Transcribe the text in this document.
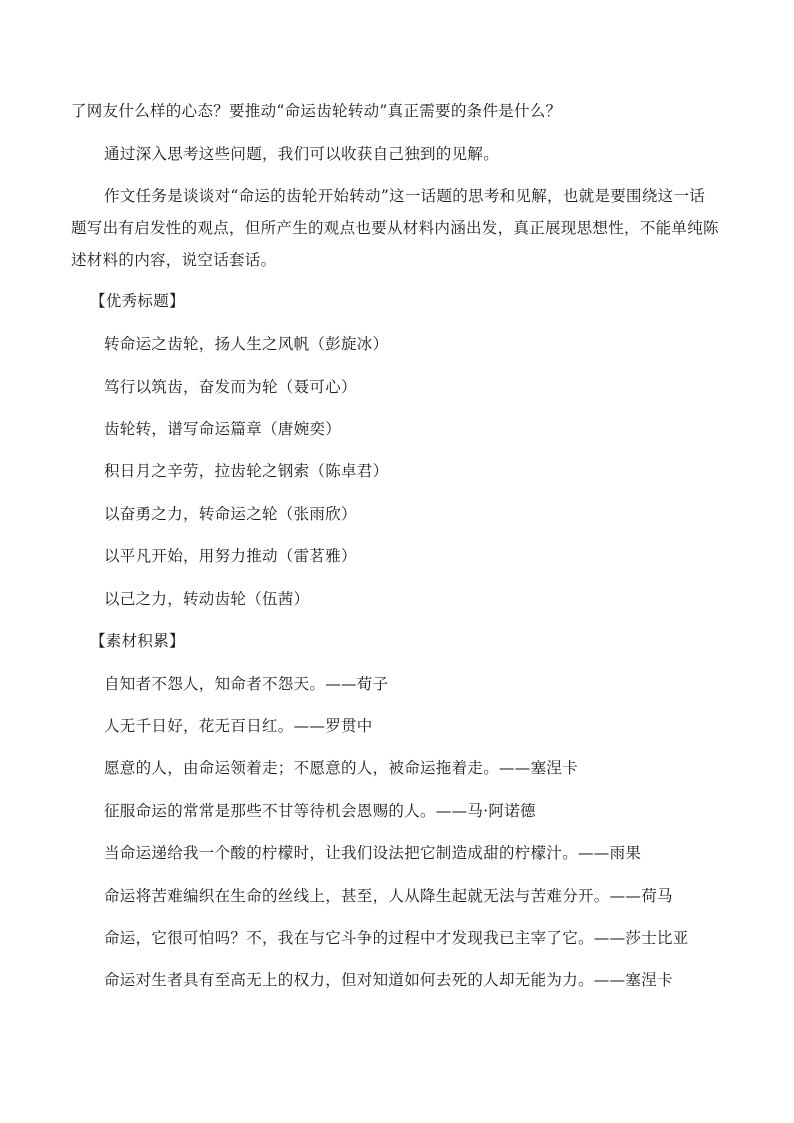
了网友什么样的心态？要推动“命运齿轮转动”真正需要的条件是什么？
通过深入思考这些问题，我们可以收获自己独到的见解。
作文任务是谈谈对“命运的齿轮开始转动”这一话题的思考和见解，也就是要围绕这一话
题写出有启发性的观点，但所产生的观点也要从材料内涵出发，真正展现思想性，不能单纯陈
述材料的内容，说空话套话。
【优秀标题】
转命运之齿轮，扬人生之风帆（彭旋冰）
笃行以筑齿，奋发而为轮（聂可心）
齿轮转，谱写命运篇章（唐婉奕）
积日月之辛劳，拉齿轮之钢索（陈卓君）
以奋勇之力，转命运之轮（张雨欣）
以平凡开始，用努力推动（雷茗雅）
以己之力，转动齿轮（伍茜）
【素材积累】
自知者不怨人，知命者不怨天。——荀子
人无千日好，花无百日红。——罗贯中
愿意的人，由命运领着走；不愿意的人，被命运拖着走。——塞涅卡
征服命运的常常是那些不甘等待机会恩赐的人。——马·阿诺德
当命运递给我一个酸的柠檬时，让我们设法把它制造成甜的柠檬汁。——雨果
命运将苦难编织在生命的丝线上，甚至，人从降生起就无法与苦难分开。——荷马
命运，它很可怕吗？不，我在与它斗争的过程中才发现我已主宰了它。——莎士比亚
命运对生者具有至高无上的权力，但对知道如何去死的人却无能为力。——塞涅卡
